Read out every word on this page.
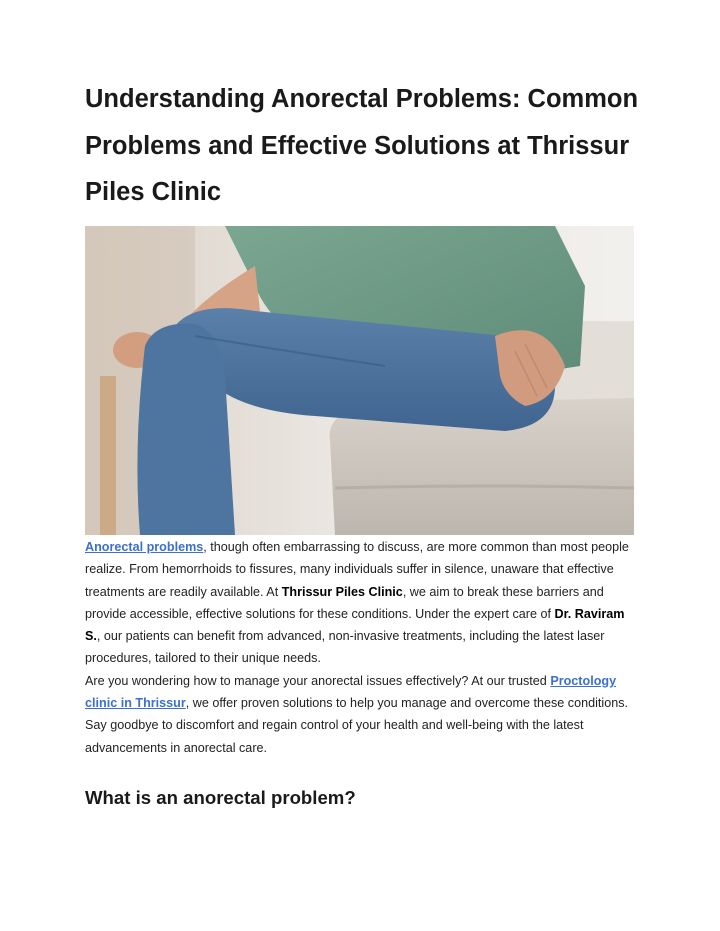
Understanding Anorectal Problems: Common Problems and Effective Solutions at Thrissur Piles Clinic

Anorectal problems, though often embarrassing to discuss, are more common than most people realize. From hemorrhoids to fissures, many individuals suffer in silence, unaware that effective treatments are readily available. At Thrissur Piles Clinic, we aim to break these barriers and provide accessible, effective solutions for these conditions. Under the expert care of Dr. Raviram S., our patients can benefit from advanced, non-invasive treatments, including the latest laser procedures, tailored to their unique needs.

Are you wondering how to manage your anorectal issues effectively? At our trusted Proctology clinic in Thrissur, we offer proven solutions to help you manage and overcome these conditions. Say goodbye to discomfort and regain control of your health and well-being with the latest advancements in anorectal care.

What is an anorectal problem?
